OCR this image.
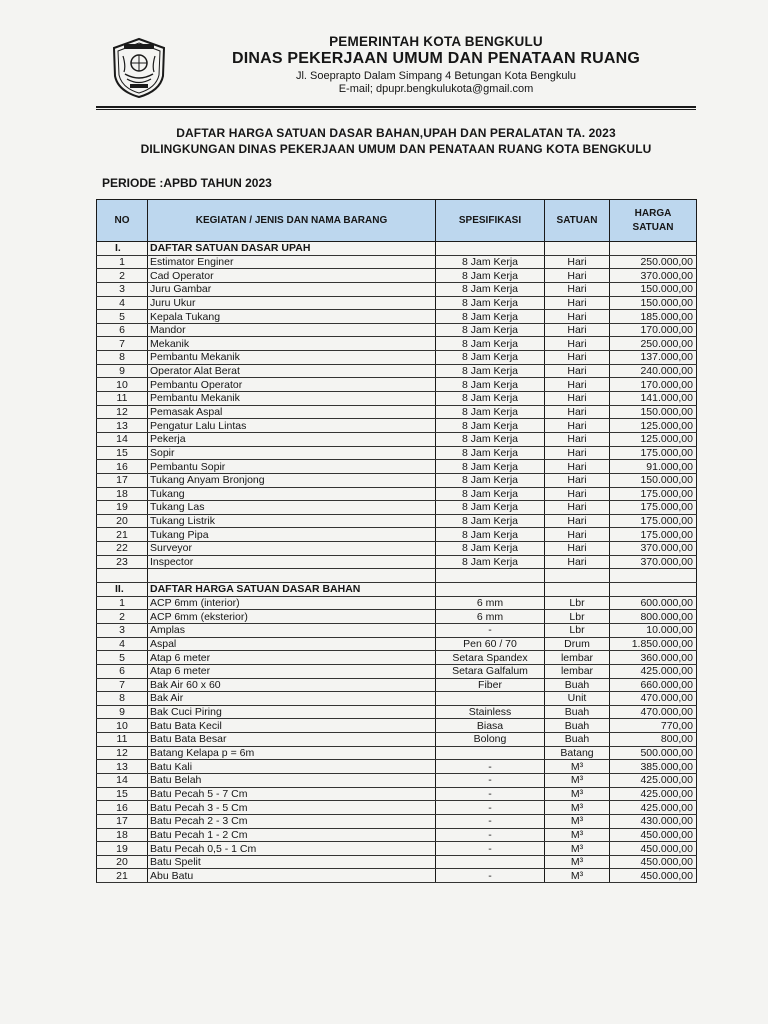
PEMERINTAH KOTA BENGKULU
DINAS PEKERJAAN UMUM DAN PENATAAN RUANG
Jl. Soeprapto Dalam Simpang 4 Betungan Kota Bengkulu
E-mail; dpupr.bengkulukota@gmail.com
DAFTAR HARGA SATUAN DASAR BAHAN,UPAH DAN PERALATAN TA. 2023
DILINGKUNGAN DINAS PEKERJAAN UMUM DAN PENATAAN RUANG KOTA BENGKULU
PERIODE :APBD TAHUN 2023
NO	KEGIATAN / JENIS DAN NAMA BARANG	SPESIFIKASI	SATUAN	HARGA
SATUAN
I.	DAFTAR SATUAN DASAR UPAH			
1	Estimator Enginer	8 Jam Kerja	Hari	250.000,00
2	Cad Operator	8 Jam Kerja	Hari	370.000,00
3	Juru Gambar	8 Jam Kerja	Hari	150.000,00
4	Juru Ukur	8 Jam Kerja	Hari	150.000,00
5	Kepala Tukang	8 Jam Kerja	Hari	185.000,00
6	Mandor	8 Jam Kerja	Hari	170.000,00
7	Mekanik	8 Jam Kerja	Hari	250.000,00
8	Pembantu Mekanik	8 Jam Kerja	Hari	137.000,00
9	Operator Alat Berat	8 Jam Kerja	Hari	240.000,00
10	Pembantu Operator	8 Jam Kerja	Hari	170.000,00
11	Pembantu Mekanik	8 Jam Kerja	Hari	141.000,00
12	Pemasak Aspal	8 Jam Kerja	Hari	150.000,00
13	Pengatur Lalu Lintas	8 Jam Kerja	Hari	125.000,00
14	Pekerja	8 Jam Kerja	Hari	125.000,00
15	Sopir	8 Jam Kerja	Hari	175.000,00
16	Pembantu Sopir	8 Jam Kerja	Hari	91.000,00
17	Tukang Anyam Bronjong	8 Jam Kerja	Hari	150.000,00
18	Tukang	8 Jam Kerja	Hari	175.000,00
19	Tukang Las	8 Jam Kerja	Hari	175.000,00
20	Tukang Listrik	8 Jam Kerja	Hari	175.000,00
21	Tukang Pipa	8 Jam Kerja	Hari	175.000,00
22	Surveyor	8 Jam Kerja	Hari	370.000,00
23	Inspector	8 Jam Kerja	Hari	370.000,00

II.	DAFTAR HARGA SATUAN DASAR BAHAN			
1	ACP 6mm (interior)	6 mm	Lbr	600.000,00
2	ACP 6mm (eksterior)	6 mm	Lbr	800.000,00
3	Amplas	-	Lbr	10.000,00
4	Aspal	Pen 60 / 70	Drum	1.850.000,00
5	Atap 6 meter	Setara Spandex	lembar	360.000,00
6	Atap 6 meter	Setara Galfalum	lembar	425.000,00
7	Bak Air 60 x 60	Fiber	Buah	660.000,00
8	Bak Air		Unit	470.000,00
9	Bak Cuci Piring	Stainless	Buah	470.000,00
10	Batu Bata Kecil	Biasa	Buah	770,00
11	Batu Bata Besar	Bolong	Buah	800,00
12	Batang Kelapa p = 6m		Batang	500.000,00
13	Batu Kali	-	M³	385.000,00
14	Batu Belah	-	M³	425.000,00
15	Batu Pecah 5 - 7 Cm	-	M³	425.000,00
16	Batu Pecah 3 - 5 Cm	-	M³	425.000,00
17	Batu Pecah 2 - 3 Cm	-	M³	430.000,00
18	Batu Pecah 1 - 2 Cm	-	M³	450.000,00
19	Batu Pecah 0,5 - 1 Cm	-	M³	450.000,00
20	Batu Spelit		M³	450.000,00
21	Abu Batu	-	M³	450.000,00
